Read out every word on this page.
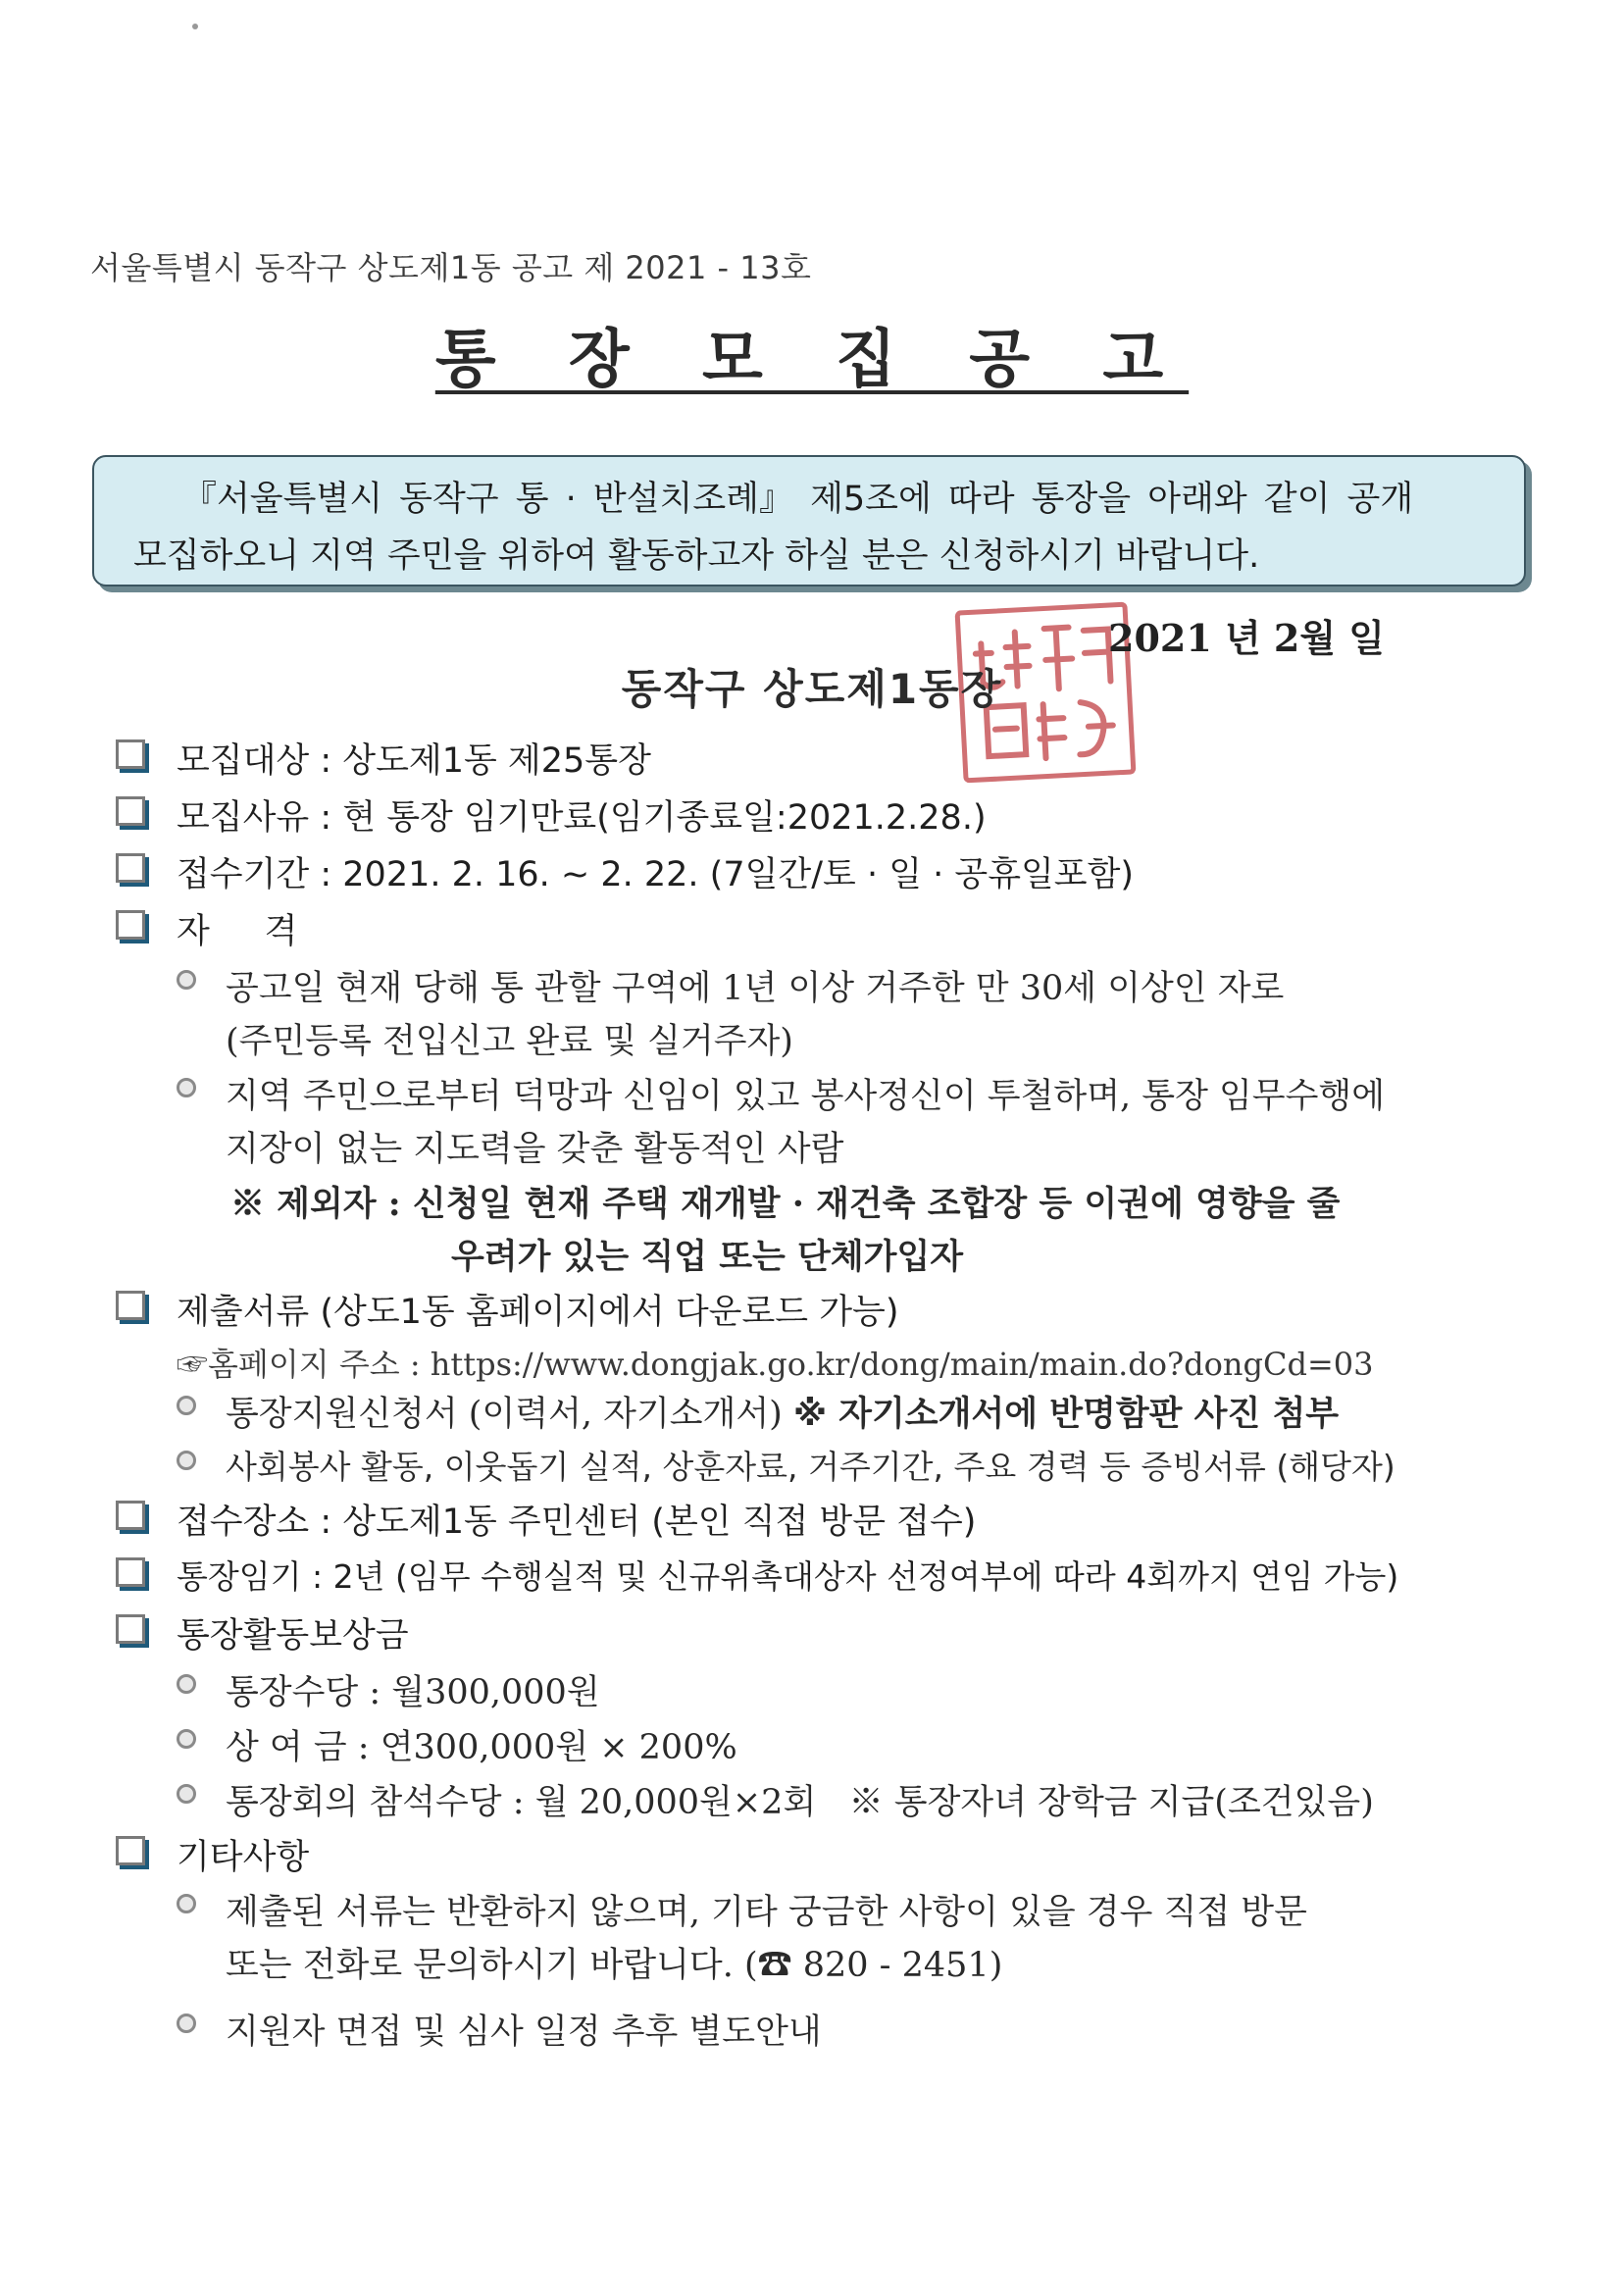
서울특별시 동작구 상도제1동 공고 제 2021 - 13호
통 장 모 집 공 고
『서울특별시 동작구 통 · 반설치조례』 제5조에 따라 통장을 아래와 같이 공개
모집하오니 지역 주민을 위하여 활동하고자 하실 분은 신청하시기 바랍니다.
2021 년 2월 일
동작구 상도제1동장
모집대상 : 상도제1동 제25통장
모집사유 : 현 통장 임기만료(임기종료일:2021.2.28.)
접수기간 : 2021. 2. 16. ~ 2. 22. (7일간/토 · 일 · 공휴일포함)

자     격

공고일 현재 당해 통 관할 구역에 1년 이상 거주한 만 30세 이상인 자로
(주민등록 전입신고 완료 및 실거주자)
지역 주민으로부터 덕망과 신임이 있고 봉사정신이 투철하며, 통장 임무수행에
지장이 없는 지도력을 갖춘 활동적인 사람
※ 제외자 : 신청일 현재 주택 재개발 · 재건축 조합장 등 이권에 영향을 줄
우려가 있는 직업 또는 단체가입자
제출서류 (상도1동 홈페이지에서 다운로드 가능)
☞홈페이지 주소 : https://www.dongjak.go.kr/dong/main/main.do?dongCd=03
통장지원신청서 (이력서, 자기소개서) ※ 자기소개서에 반명함판 사진 첨부
사회봉사 활동, 이웃돕기 실적, 상훈자료, 거주기간, 주요 경력 등 증빙서류 (해당자)
접수장소 : 상도제1동 주민센터 (본인 직접 방문 접수)
통장임기 : 2년 (임무 수행실적 및 신규위촉대상자 선정여부에 따라 4회까지 연임 가능)
통장활동보상금
통장수당 : 월300,000원
상 여 금 : 연300,000원 × 200%

통장회의 참석수당 : 월 20,000원×2회   ※ 통장자녀 장학금 지급(조건있음)

기타사항
제출된 서류는 반환하지 않으며, 기타 궁금한 사항이 있을 경우 직접 방문
또는 전화로 문의하시기 바랍니다. (☎ 820 - 2451)
지원자 면접 및 심사 일정 추후 별도안내
